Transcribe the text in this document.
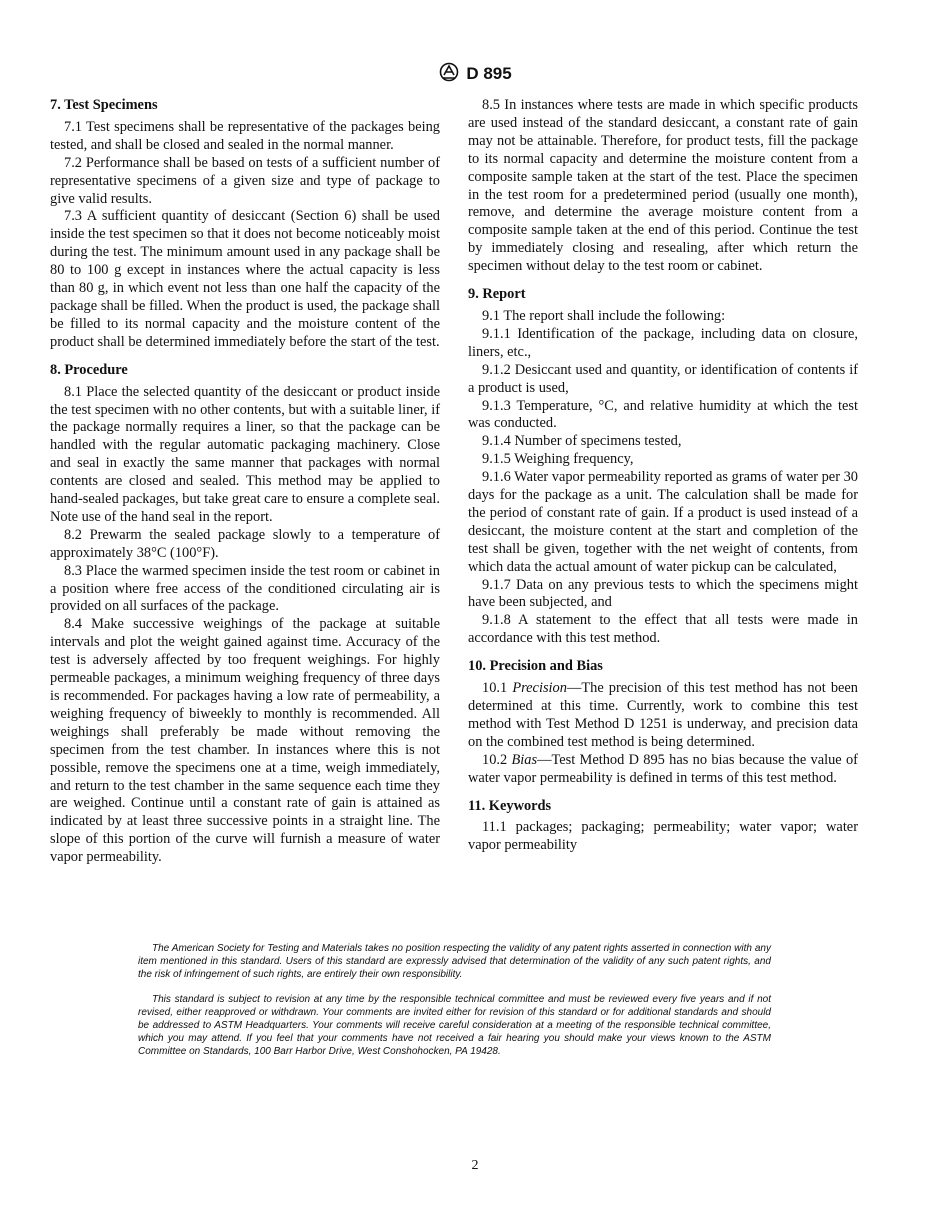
D 895
7. Test Specimens

7.1 Test specimens shall be representative of the packages being tested, and shall be closed and sealed in the normal manner.

7.2 Performance shall be based on tests of a sufficient number of representative specimens of a given size and type of package to give valid results.

7.3 A sufficient quantity of desiccant (Section 6) shall be used inside the test specimen so that it does not become noticeably moist during the test. The minimum amount used in any package shall be 80 to 100 g except in instances where the actual capacity is less than 80 g, in which event not less than one half the capacity of the package shall be filled. When the product is used, the package shall be filled to its normal capacity and the moisture content of the product shall be determined immediately before the start of the test.

8. Procedure

8.1 Place the selected quantity of the desiccant or product inside the test specimen with no other contents, but with a suitable liner, if the package normally requires a liner, so that the package can be handled with the regular automatic packaging machinery. Close and seal in exactly the same manner that packages with normal contents are closed and sealed. This method may be applied to hand-sealed packages, but take great care to ensure a complete seal. Note use of the hand seal in the report.

8.2 Prewarm the sealed package slowly to a temperature of approximately 38°C (100°F).

8.3 Place the warmed specimen inside the test room or cabinet in a position where free access of the conditioned circulating air is provided on all surfaces of the package.

8.4 Make successive weighings of the package at suitable intervals and plot the weight gained against time. Accuracy of the test is adversely affected by too frequent weighings. For highly permeable packages, a minimum weighing frequency of three days is recommended. For packages having a low rate of permeability, a weighing frequency of biweekly to monthly is recommended. All weighings shall preferably be made without removing the specimen from the test chamber. In instances where this is not possible, remove the specimens one at a time, weigh immediately, and return to the test chamber in the same sequence each time they are weighed. Continue until a constant rate of gain is attained as indicated by at least three successive points in a straight line. The slope of this portion of the curve will furnish a measure of water vapor permeability.

8.5 In instances where tests are made in which specific products are used instead of the standard desiccant, a constant rate of gain may not be attainable. Therefore, for product tests, fill the package to its normal capacity and determine the moisture content from a composite sample taken at the start of the test. Place the specimen in the test room for a predetermined period (usually one month), remove, and determine the average moisture content from a composite sample taken at the end of this period. Continue the test by immediately closing and resealing, after which return the specimen without delay to the test room or cabinet.

9. Report

9.1 The report shall include the following:

9.1.1 Identification of the package, including data on closure, liners, etc.,

9.1.2 Desiccant used and quantity, or identification of contents if a product is used,

9.1.3 Temperature, °C, and relative humidity at which the test was conducted.

9.1.4 Number of specimens tested,

9.1.5 Weighing frequency,

9.1.6 Water vapor permeability reported as grams of water per 30 days for the package as a unit. The calculation shall be made for the period of constant rate of gain. If a product is used instead of a desiccant, the moisture content at the start and completion of the test shall be given, together with the net weight of contents, from which data the actual amount of water pickup can be calculated,

9.1.7 Data on any previous tests to which the specimens might have been subjected, and

9.1.8 A statement to the effect that all tests were made in accordance with this test method.

10. Precision and Bias

10.1 Precision—The precision of this test method has not been determined at this time. Currently, work to combine this test method with Test Method D 1251 is underway, and precision data on the combined test method is being determined.

10.2 Bias—Test Method D 895 has no bias because the value of water vapor permeability is defined in terms of this test method.

11. Keywords

11.1 packages; packaging; permeability; water vapor; water vapor permeability

The American Society for Testing and Materials takes no position respecting the validity of any patent rights asserted in connection with any item mentioned in this standard. Users of this standard are expressly advised that determination of the validity of any such patent rights, and the risk of infringement of such rights, are entirely their own responsibility.

This standard is subject to revision at any time by the responsible technical committee and must be reviewed every five years and if not revised, either reapproved or withdrawn. Your comments are invited either for revision of this standard or for additional standards and should be addressed to ASTM Headquarters. Your comments will receive careful consideration at a meeting of the responsible technical committee, which you may attend. If you feel that your comments have not received a fair hearing you should make your views known to the ASTM Committee on Standards, 100 Barr Harbor Drive, West Conshohocken, PA 19428.

2
